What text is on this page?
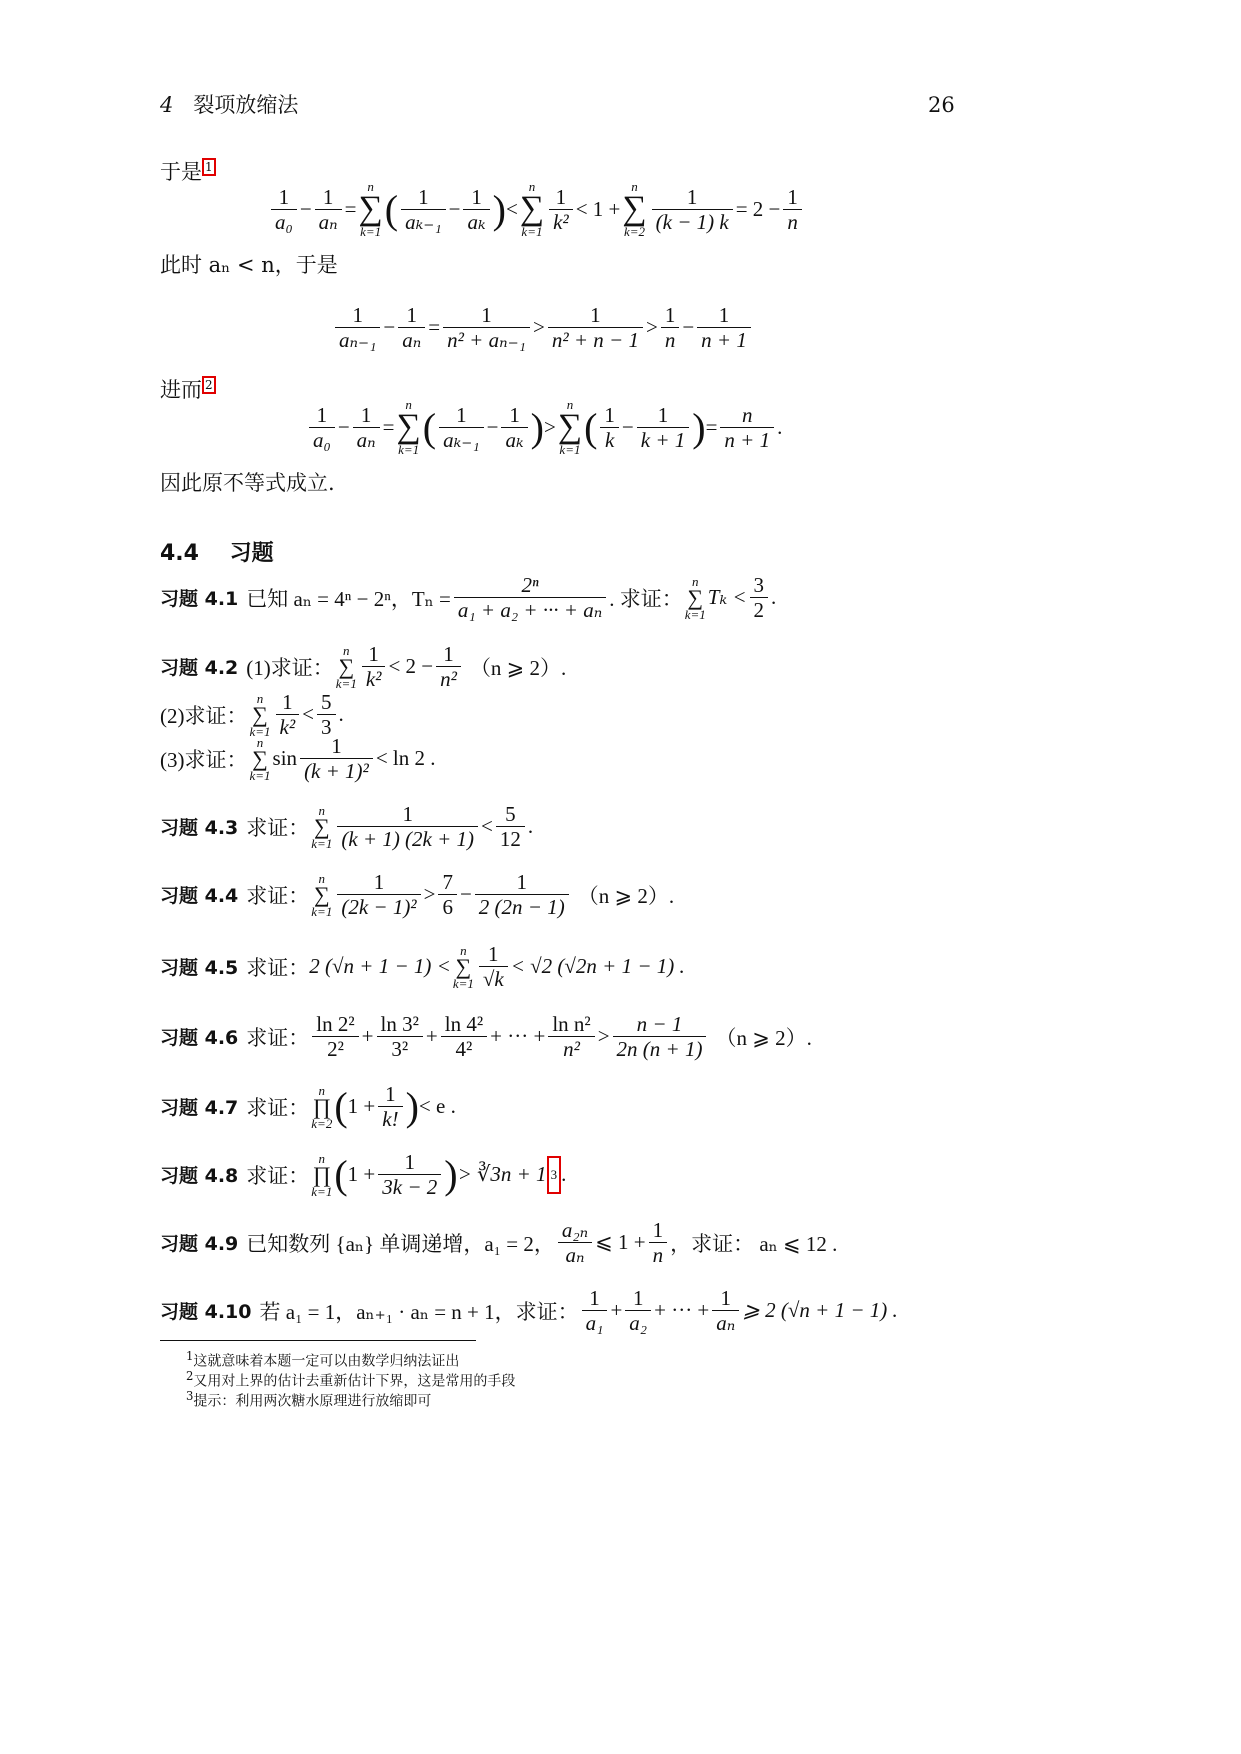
4 裂项放缩法	26
于是 1
$\frac{1}{\text{a₀}} - \frac{1}{\text{aₙ}}$ =
n
∑
k=1 ( $\frac{1}{\text{aₖ₋₁}} - \frac{1}{\text{aₖ}}$ ) <
n
∑
$k=1 \frac{1}{\text{k²}} < 1$ +
n
∑
$k=2 \frac{1}{(k - 1) k} = 2 - \frac{1}{n}$
此时 aₙ < n，于是
$\frac{1}{\text{aₙ₋₁}} - \frac{1}{\text{aₙ}} = \frac{1}{\text{n² + aₙ₋₁}} > \frac{1}{\text{n² + n − 1}} > \frac{1}{n} - \frac{1}{n + 1}$
进而 2
$\frac{1}{\text{a₀}} - \frac{1}{\text{aₙ}}$ =
n
∑
k=1 ( $\frac{1}{\text{aₖ₋₁}} - \frac{1}{\text{aₖ}}$ ) >
n
∑
k=1 ( $\frac{1}{k} - \frac{1}{k + 1}$ ) = $\frac{n}{n + 1}$ .
因此原不等式成立.
4.4 习题
习题 4.1 已知 aₙ = 4ⁿ − 2ⁿ，$T_n = \frac{\text{2ⁿ}}{\text{a₁ + a₂ + ··· + aₙ}}$ . 求证：
n
∑
k=1
$T_k < \frac{3}{2}$ .
习题 4.2 (1)求证：
n
∑
$k=1 \frac{1}{\text{k²}} < 2 - \frac{1}{\text{n²}} (n$ ⩾ 2）.
(2)求证：
n
∑
$k=1 \frac{1}{\text{k²}} < \frac{5}{3}$ .
(3)求证：
n
∑
k=1
$\sin \frac{1}{\text{(k + 1)²}} < \ln 2$ .
习题 4.3 求证：
n
∑
$k=1 \frac{1}{(k + 1) (2k + 1)} < \frac{5}{12}$ .
习题 4.4 求证：
n
∑
$k=1 \frac{1}{\text{(2k − 1)²}} > \frac{7}{6} - \frac{1}{2 (2n - 1)} (n$ ⩾ 2）.
习题 4.5 求证： 2 (√n + 1 − 1) <
n
∑
$k=1 \frac{1}{√k} < √2$ (√2n + 1 − 1) .
习题 4.6 求证： $\frac{\text{ln 2²}}{\text{2²}} + \frac{\text{ln 3²}}{\text{3²}} + \frac{\text{ln 4²}}{\text{4²}}$ + ··· + $\frac{\text{ln n²}}{\text{n²}} > \frac{n - 1}{2n (n + 1)} (n$ ⩾ 2）.
习题 4.7 求证：
n
∏
k=2 ( $1 + \frac{1}{k!}$ ) < e .
习题 4.8 求证：
n
∏
k=1 ( $1 + \frac{1}{3k - 2}$ ) > ∛3n + 1 3 .
习题 4.9 已知数列 {aₙ} 单调递增，a₁ = 2， $\frac{\text{a₂ₙ}}{\text{aₙ}}$ ⩽ $1 + \frac{1}{n}$ ，求证： aₙ ⩽ 12 .
习题 4.10 若 a₁ = 1，aₙ₊₁ · aₙ = n + 1，求证： $\frac{1}{\text{a₁}} + \frac{1}{\text{a₂}}$ + ··· + $\frac{1}{\text{aₙ}}$ ⩾ 2 (√n + 1 − 1) .
$^1$这就意味着本题一定可以由数学归纳法证出
$^2$又用对上界的估计去重新估计下界，这是常用的手段
$^3$提示：利用两次糖水原理进行放缩即可
